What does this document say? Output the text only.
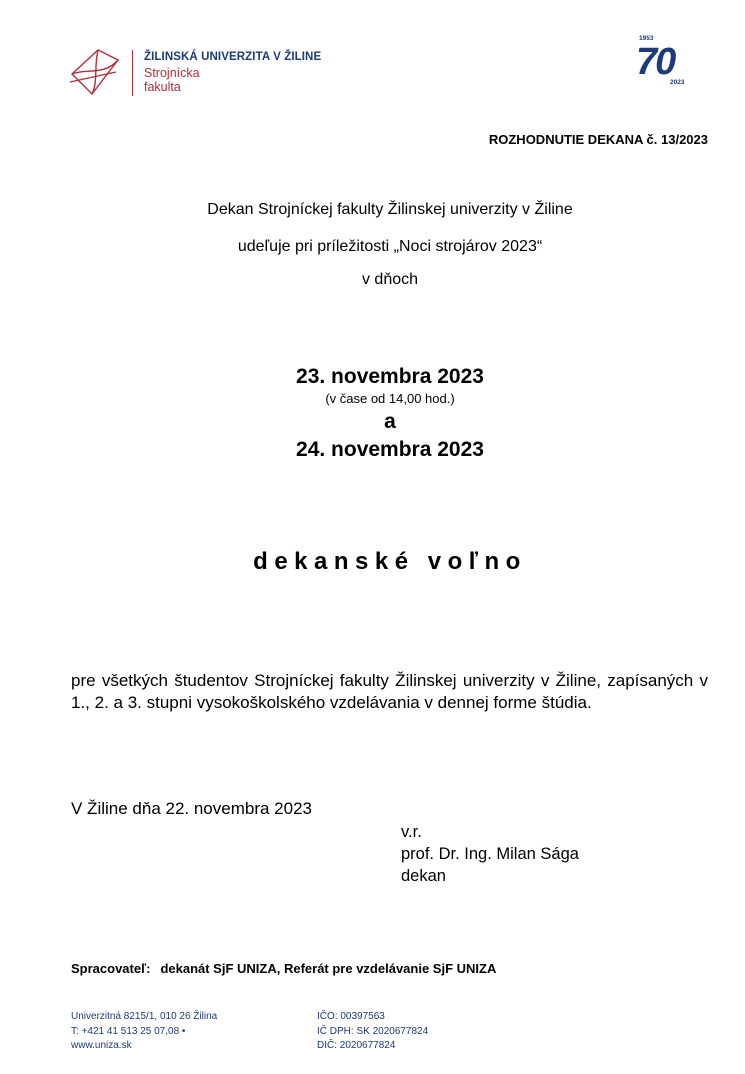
ŽILINSKÁ UNIVERZITA V ŽILINE
Strojnícka
fakulta
1953
70
2023
ROZHODNUTIE DEKANA č. 13/2023
Dekan Strojníckej fakulty Žilinskej univerzity v Žiline
udeľuje pri príležitosti „Noci strojárov 2023“
v dňoch
23. novembra 2023
(v čase od 14,00 hod.)
a
24. novembra 2023
dekanské voľno
pre všetkých študentov Strojníckej fakulty Žilinskej univerzity v Žiline, zapísaných v 1., 2. a 3. stupni vysokoškolského vzdelávania v dennej forme štúdia.
V Žiline dňa 22. novembra 2023
v.r.
prof. Dr. Ing. Milan Sága
dekan
Spracovateľ: dekanát SjF UNIZA, Referát pre vzdelávanie SjF UNIZA
Univerzitná 8215/1, 010 26 Žilina
T: +421 41 513 25 07,08 •
www.uniza.sk
IČO: 00397563
IČ DPH: SK 2020677824
DIČ: 2020677824
